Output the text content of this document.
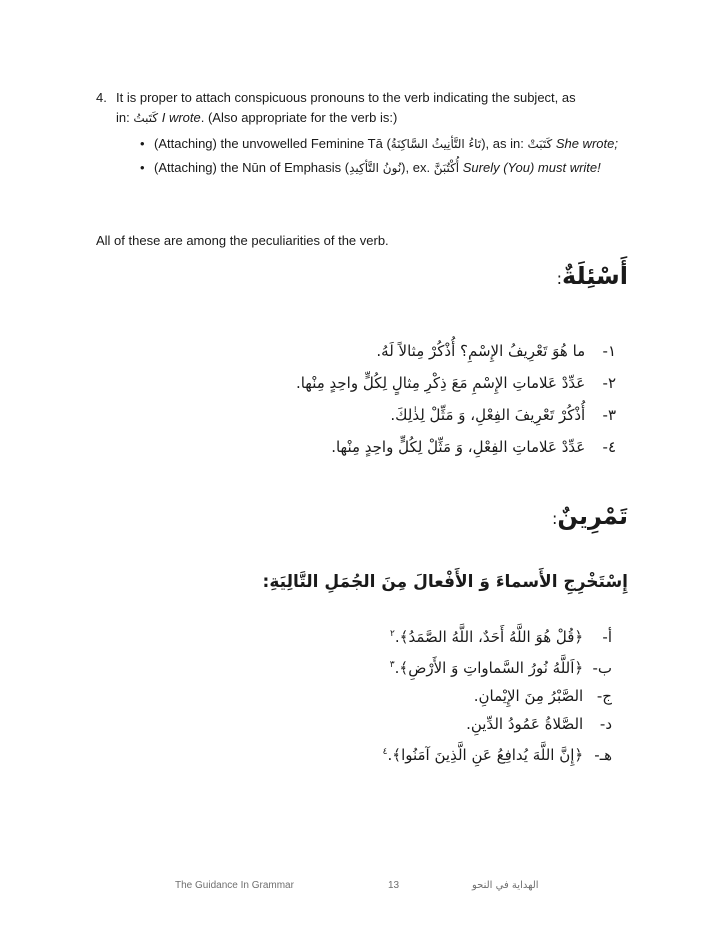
4. It is proper to attach conspicuous pronouns to the verb indicating the subject, as
in: كَتَبتُ I wrote. (Also appropriate for the verb is:)
• (Attaching) the unvowelled Feminine Tā (تَاءُ التَّأنِيثُ السَّاكِنَةُ), as in: كَتَبَتْ She wrote;
• (Attaching) the Nūn of Emphasis (نُونُ التَّأكِيدِ), ex. أُكْتُبَنَّ Surely (You) must write!
All of these are among the peculiarities of the verb.
أَسْئِلَةٌ:
١- ما هُوَ تَعْرِيفُ الإِسْمِ؟ أُذْكُرْ مِثالاً لَهُ.
٢- عَدِّدْ عَلاماتِ الإِسْمِ مَعَ ذِكْرِ مِثالٍ لِكُلٍّ واحِدٍ مِنْها.
٣- أُذْكُرْ تَعْرِيفَ الفِعْلِ، وَ مَثِّلْ لِذٰلِكَ.
٤- عَدِّدْ عَلاماتِ الفِعْلِ، وَ مَثِّلْ لِكُلٍّ واحِدٍ مِنْها.
تَمْرِينٌ:
إِسْتَخْرِجِ الأَسماءَ وَ الأَفْعالَ مِنَ الجُمَلِ التَّالِيَةِ:
أ- ﴿قُلْ هُوَ اللَّهُ أَحَدٌ، اللَّهُ الصَّمَدُ﴾.$^٢$
ب- ﴿اَللَّهُ نُورُ السَّماواتِ وَ الأَرْضِ﴾.$^٣$
ج- الصَّبْرُ مِنَ الإِيْمانِ.
د- الصَّلاةُ عَمُودُ الدِّينِ.
هـ- ﴿إِنَّ اللَّهَ يُدافِعُ عَنِ الَّذِينَ آمَنُوا﴾.$^٤$
The Guidance In Grammar	13	الهداية في النحو
